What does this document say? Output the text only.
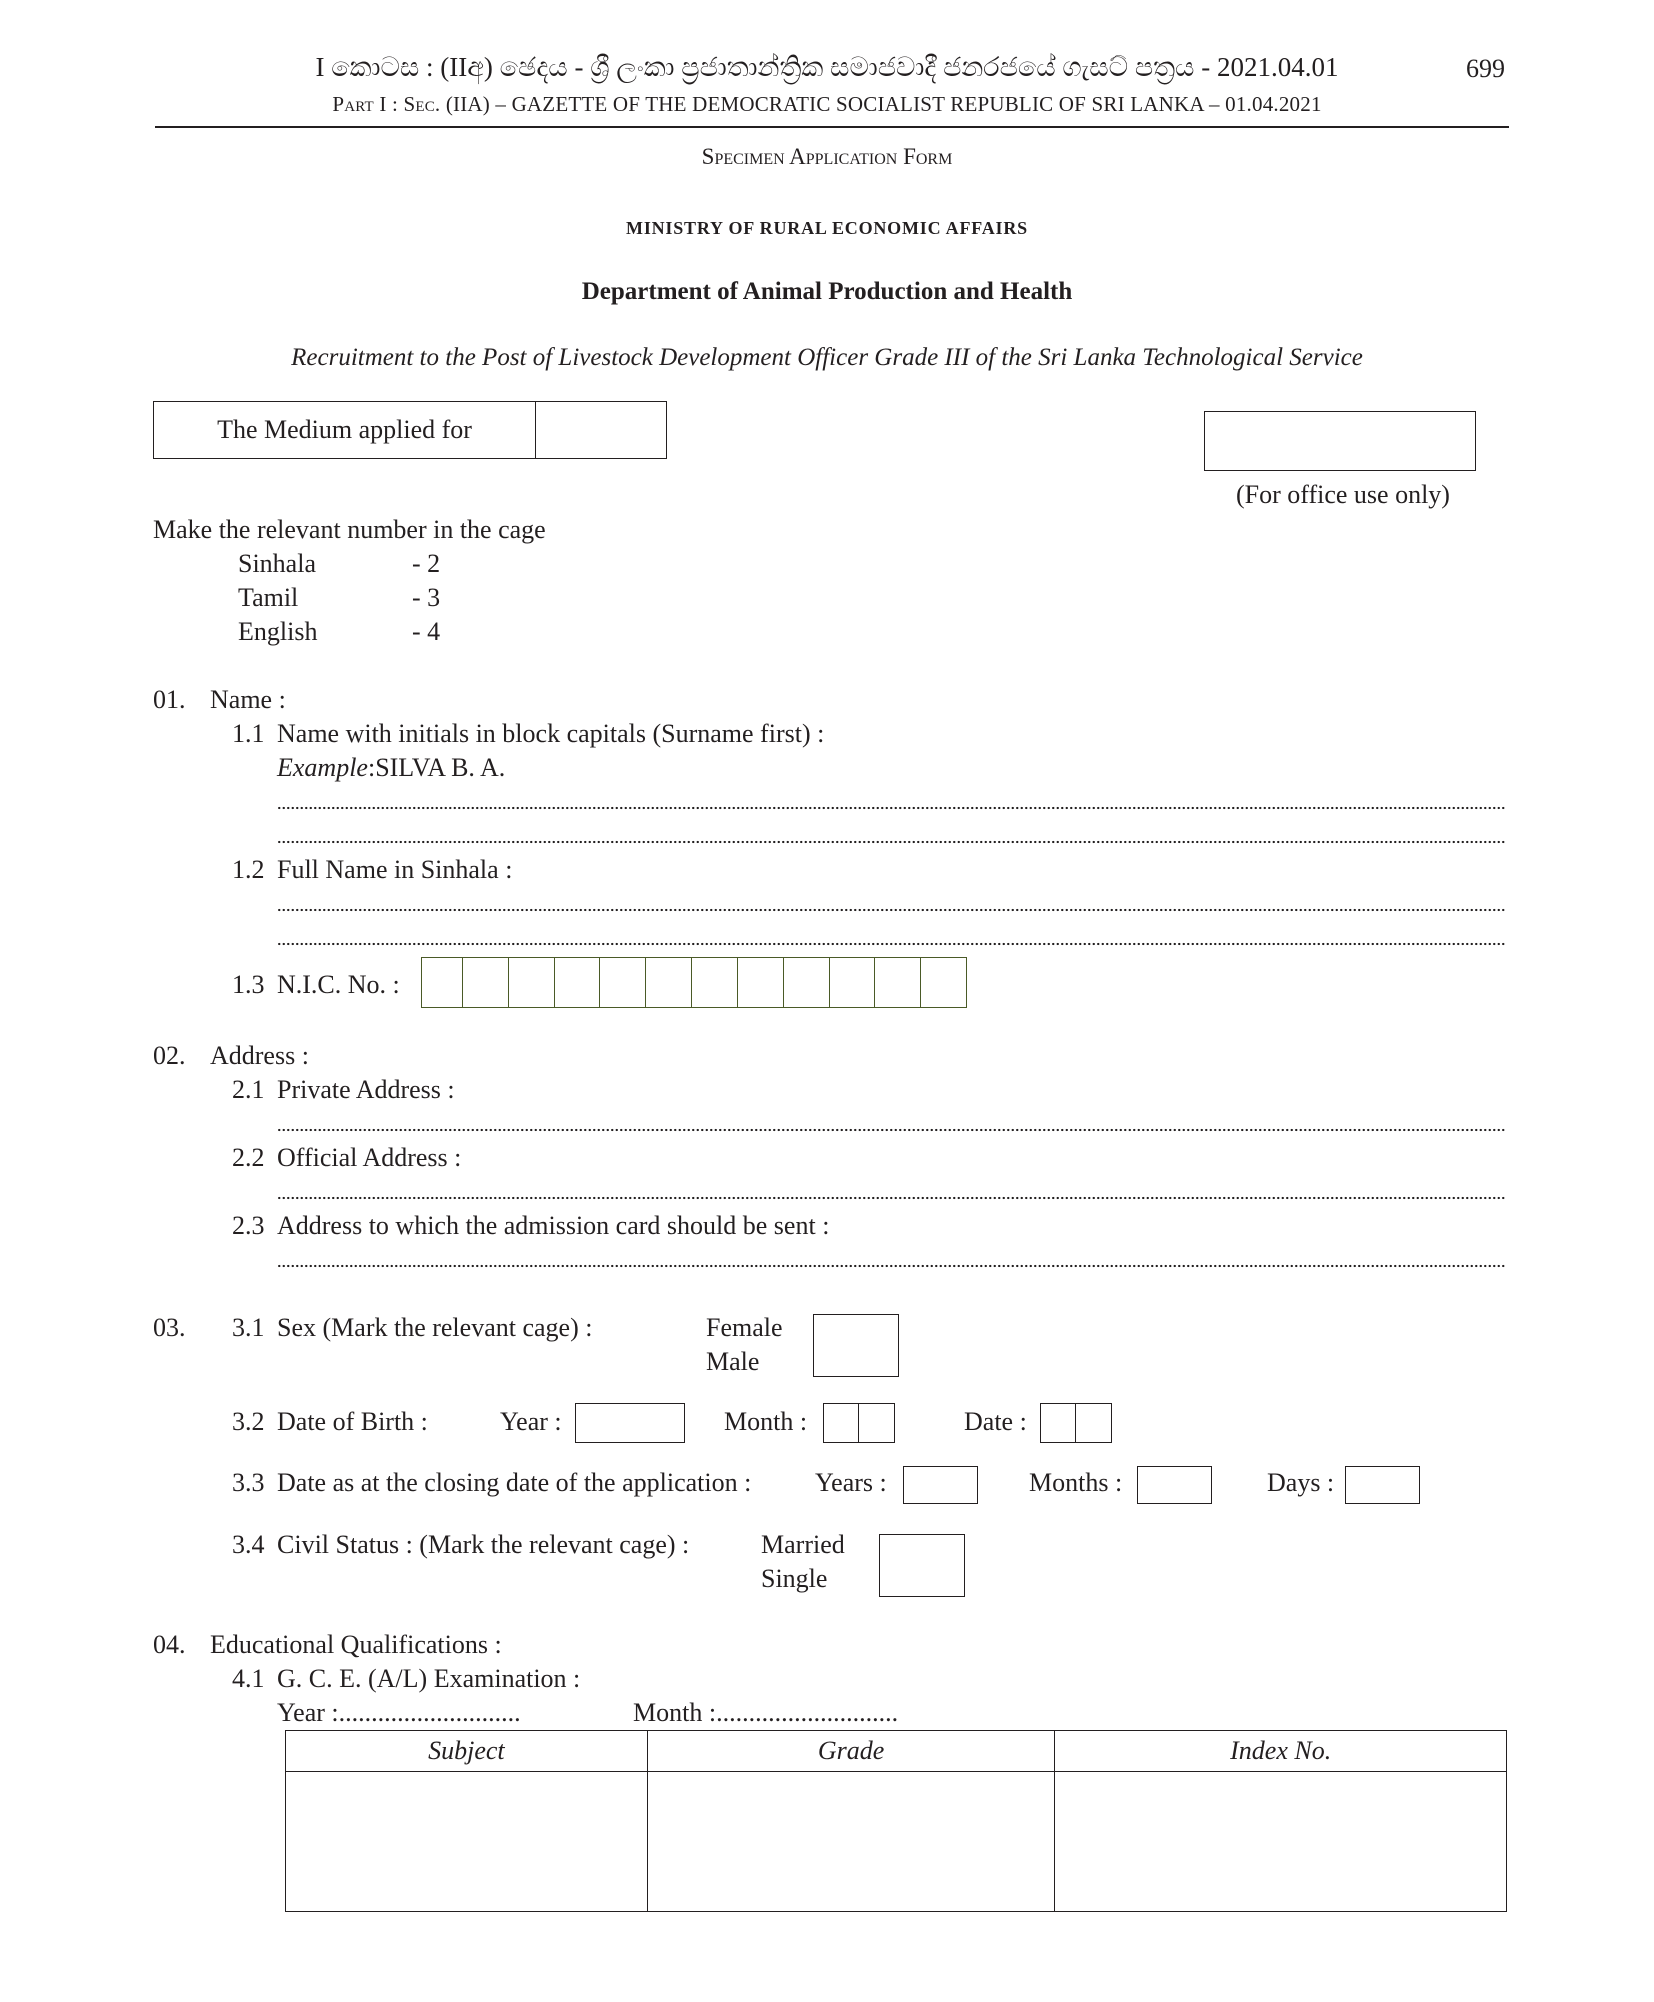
I කොටස : (IIඅ) ඡෙදය - ශ්‍රී ලංකා ප්‍රජාතාන්ත්‍රික සමාජවාදී ජනරජයේ ගැසට් පත්‍රය - 2021.04.01	699
Part I : Sec. (IIA) – GAZETTE OF THE DEMOCRATIC SOCIALIST REPUBLIC OF SRI LANKA – 01.04.2021
Specimen Application Form
MINISTRY OF RURAL ECONOMIC AFFAIRS
Department of Animal Production and Health
Recruitment to the Post of Livestock Development Officer Grade III of the Sri Lanka Technological Service
The Medium applied for
(For office use only)
Make the relevant number in the cage
Sinhala	- 2
Tamil	- 3
English	- 4
01. Name :
1.1 Name with initials in block capitals (Surname first) :
Example:SILVA B. A.
1.2 Full Name in Sinhala :
1.3 N.I.C. No. :
02. Address :
2.1 Private Address :
2.2 Official Address :
2.3 Address to which the admission card should be sent :
03. 3.1 Sex (Mark the relevant cage) :	Female
Male
3.2 Date of Birth :	Year :	Month :	Date :
3.3 Date as at the closing date of the application : Years :	Months :	Days :
3.4 Civil Status : (Mark the relevant cage) :	Married
Single
04. Educational Qualifications :
4.1 G. C. E. (A/L) Examination :
Year :............................	Month :............................
Subject	Grade	Index No.
